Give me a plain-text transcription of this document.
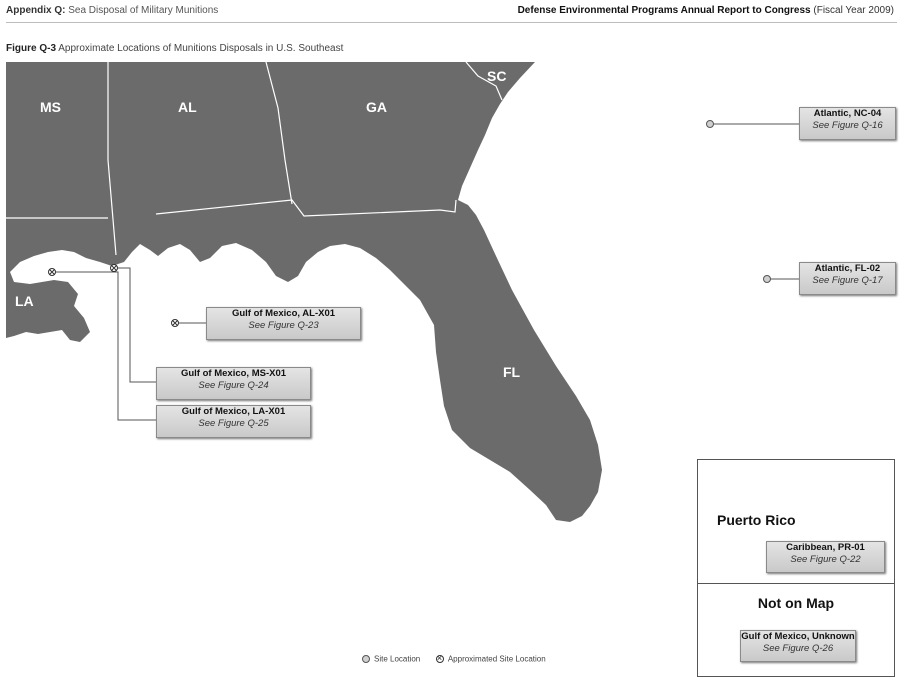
Appendix Q: Sea Disposal of Military Munitions	Defense Environmental Programs Annual Report to Congress (Fiscal Year 2009)
Figure Q-3 Approximate Locations of Munitions Disposals in U.S. Southeast
MS	AL	GA
SC
LA
FL
Atlantic, NC-04
See Figure Q-16
Atlantic, FL-02
See Figure Q-17
Gulf of Mexico, AL-X01
See Figure Q-23
Gulf of Mexico, MS-X01
See Figure Q-24
Gulf of Mexico, LA-X01
See Figure Q-25
Puerto Rico
Caribbean, PR-01
See Figure Q-22
Not on Map
Gulf of Mexico, Unknown
See Figure Q-26
Site Location       ×	Approximated Site Location
